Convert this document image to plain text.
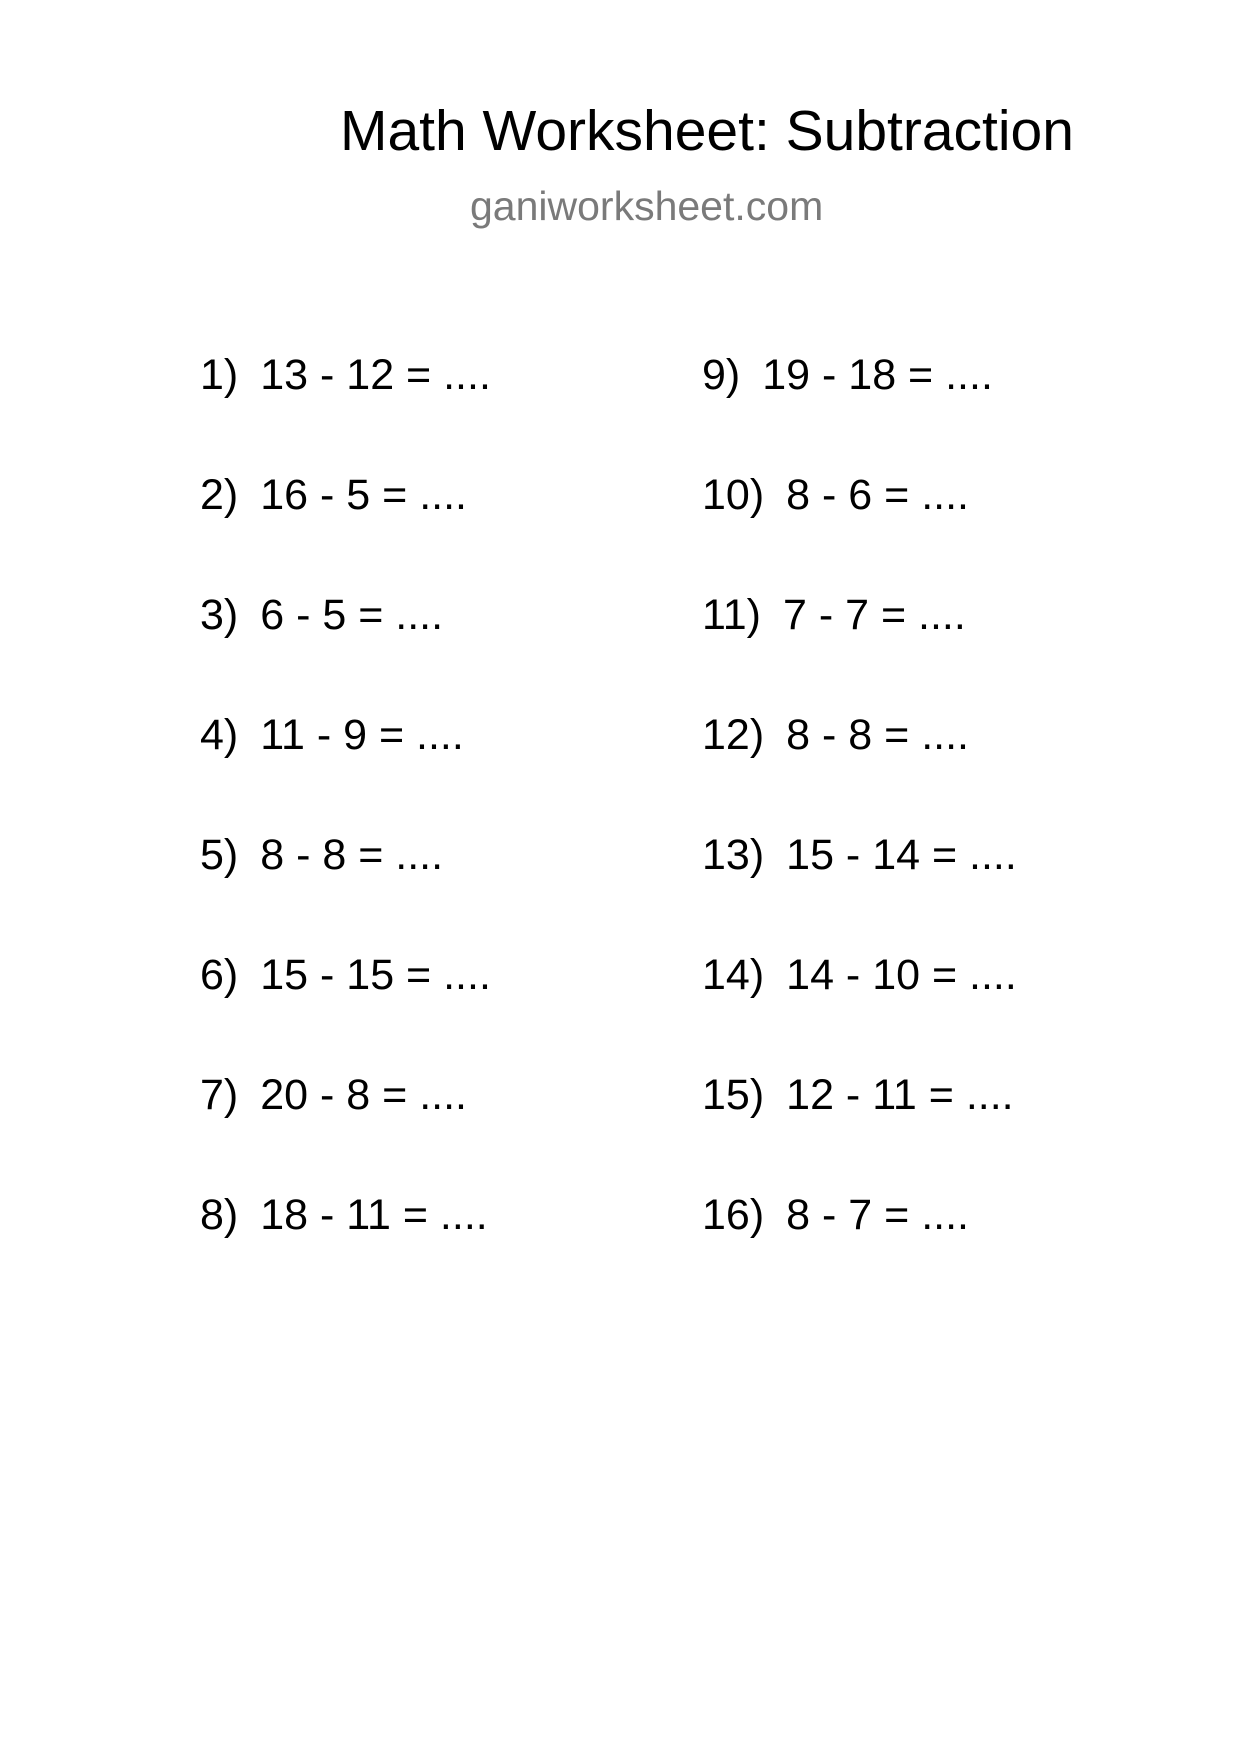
Math Worksheet: Subtraction
ganiworksheet.com
1) 13 - 12 = ....
2) 16 - 5 = ....
3) 6 - 5 = ....
4) 11 - 9 = ....
5) 8 - 8 = ....
6) 15 - 15 = ....
7) 20 - 8 = ....
8) 18 - 11 = ....
9) 19 - 18 = ....
10) 8 - 6 = ....
11) 7 - 7 = ....
12) 8 - 8 = ....
13) 15 - 14 = ....
14) 14 - 10 = ....
15) 12 - 11 = ....
16) 8 - 7 = ....
